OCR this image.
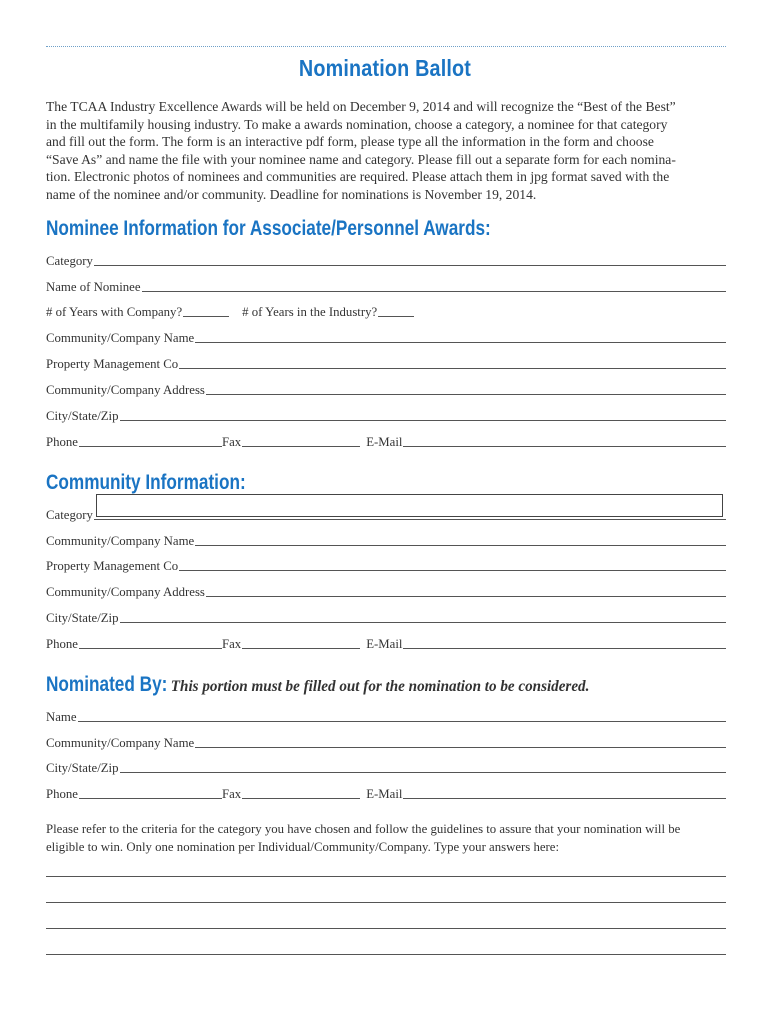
Nomination Ballot
The TCAA Industry Excellence Awards will be held on December 9, 2014 and will recognize the “Best of the Best”
in the multifamily housing industry. To make a awards nomination, choose a category, a nominee for that category
and fill out the form. The form is an interactive pdf form, please type all the information in the form and choose
“Save As” and name the file with your nominee name and category. Please fill out a separate form for each nomina-
tion. Electronic photos of nominees and communities are required. Please attach them in jpg format saved with the
name of the nominee and/or community. Deadline for nominations is November 19, 2014.
Nominee Information for Associate/Personnel Awards:
Category
Name of Nominee
# of Years with Company?	# of Years in the Industry?
Community/Company Name
Property Management Co
Community/Company Address
City/State/Zip
Phone	Fax	E-Mail
Community Information:
Category
Community/Company Name
Property Management Co
Community/Company Address
City/State/Zip
Phone	Fax	E-Mail
Nominated By: This portion must be filled out for the nomination to be considered.
Name
Community/Company Name
City/State/Zip
Phone	Fax	E-Mail
Please refer to the criteria for the category you have chosen and follow the guidelines to assure that your nomination will be
eligible to win. Only one nomination per Individual/Community/Company. Type your answers here:
